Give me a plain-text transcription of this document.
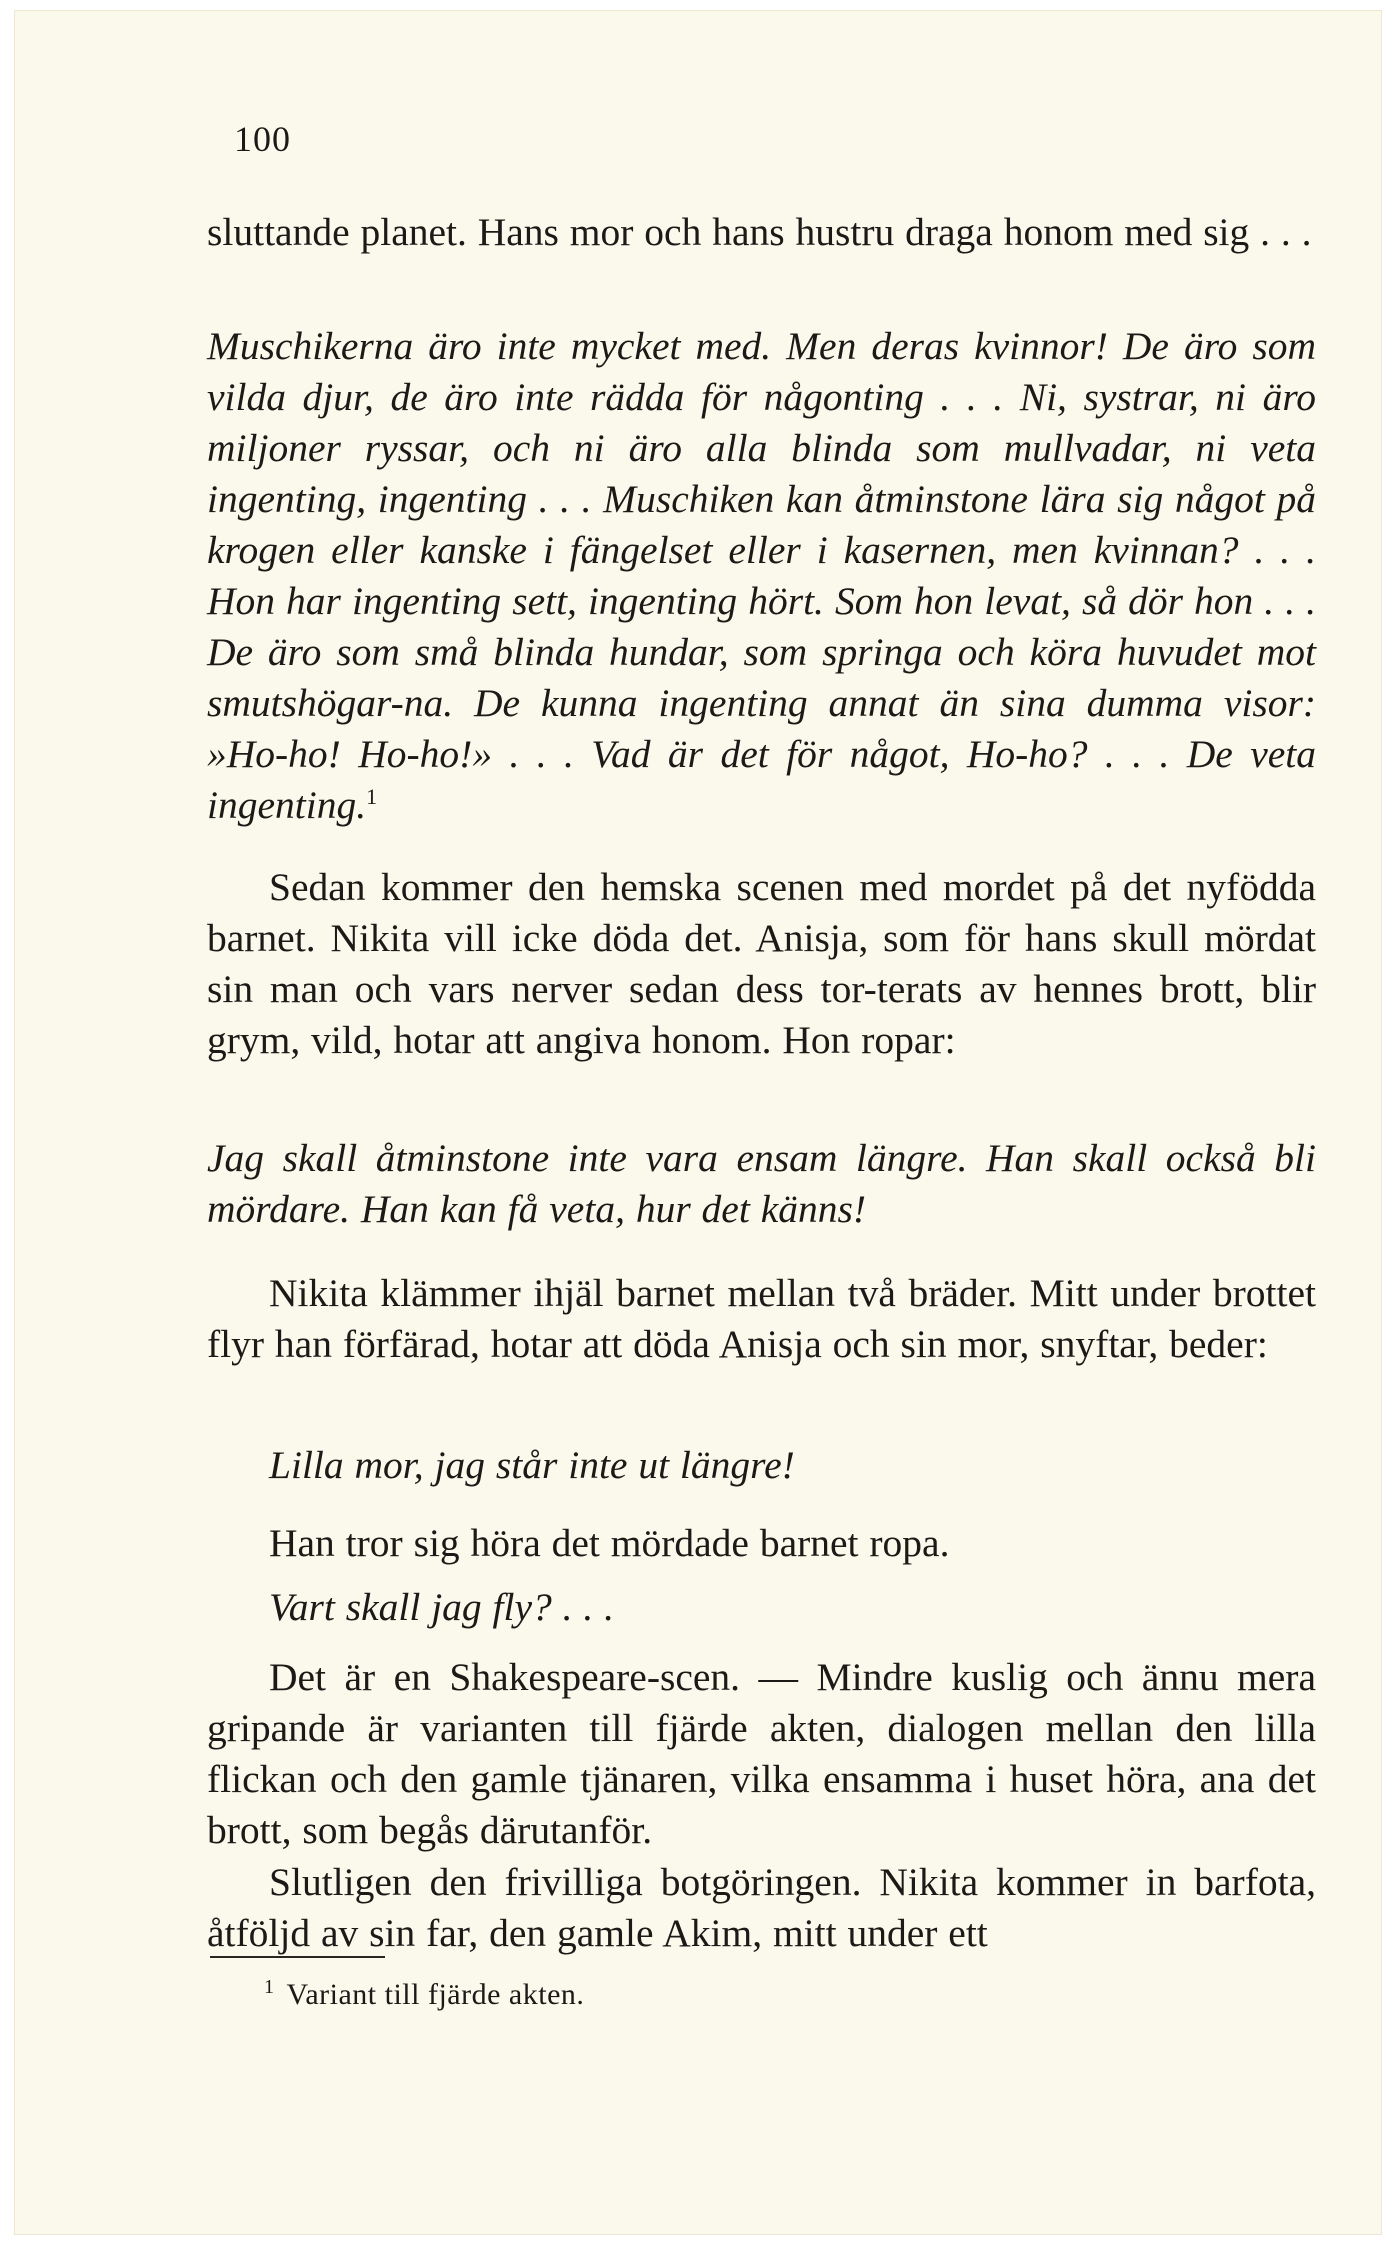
100

sluttande planet. Hans mor och hans hustru draga honom med sig . . .

Muschikerna äro inte mycket med. Men deras kvinnor! De äro som vilda djur, de äro inte rädda för någonting . . . Ni, systrar, ni äro miljoner ryssar, och ni äro alla blinda som mullvadar, ni veta ingenting, ingenting . . . Muschiken kan åtminstone lära sig något på krogen eller kanske i fängelset eller i kasernen, men kvinnan? . . . Hon har ingenting sett, ingenting hört. Som hon levat, så dör hon . . . De äro som små blinda hundar, som springa och köra huvudet mot smutshögar-na. De kunna ingenting annat än sina dumma visor: »Ho-ho! Ho-ho!» . . . Vad är det för något, Ho-ho? . . . De veta ingenting.$^1$

Sedan kommer den hemska scenen med mordet på det nyfödda barnet. Nikita vill icke döda det. Anisja, som för hans skull mördat sin man och vars nerver sedan dess tor-terats av hennes brott, blir grym, vild, hotar att angiva honom. Hon ropar:

Jag skall åtminstone inte vara ensam längre. Han skall också bli mördare. Han kan få veta, hur det känns!

Nikita klämmer ihjäl barnet mellan två bräder. Mitt under brottet flyr han förfärad, hotar att döda Anisja och sin mor, snyftar, beder:

Lilla mor, jag står inte ut längre!

Han tror sig höra det mördade barnet ropa.

Vart skall jag fly? . . .

Det är en Shakespeare-scen. — Mindre kuslig och ännu mera gripande är varianten till fjärde akten, dialogen mellan den lilla flickan och den gamle tjänaren, vilka ensamma i huset höra, ana det brott, som begås därutanför.

Slutligen den frivilliga botgöringen. Nikita kommer in barfota, åtföljd av sin far, den gamle Akim, mitt under ett

$^1$ Variant till fjärde akten.
